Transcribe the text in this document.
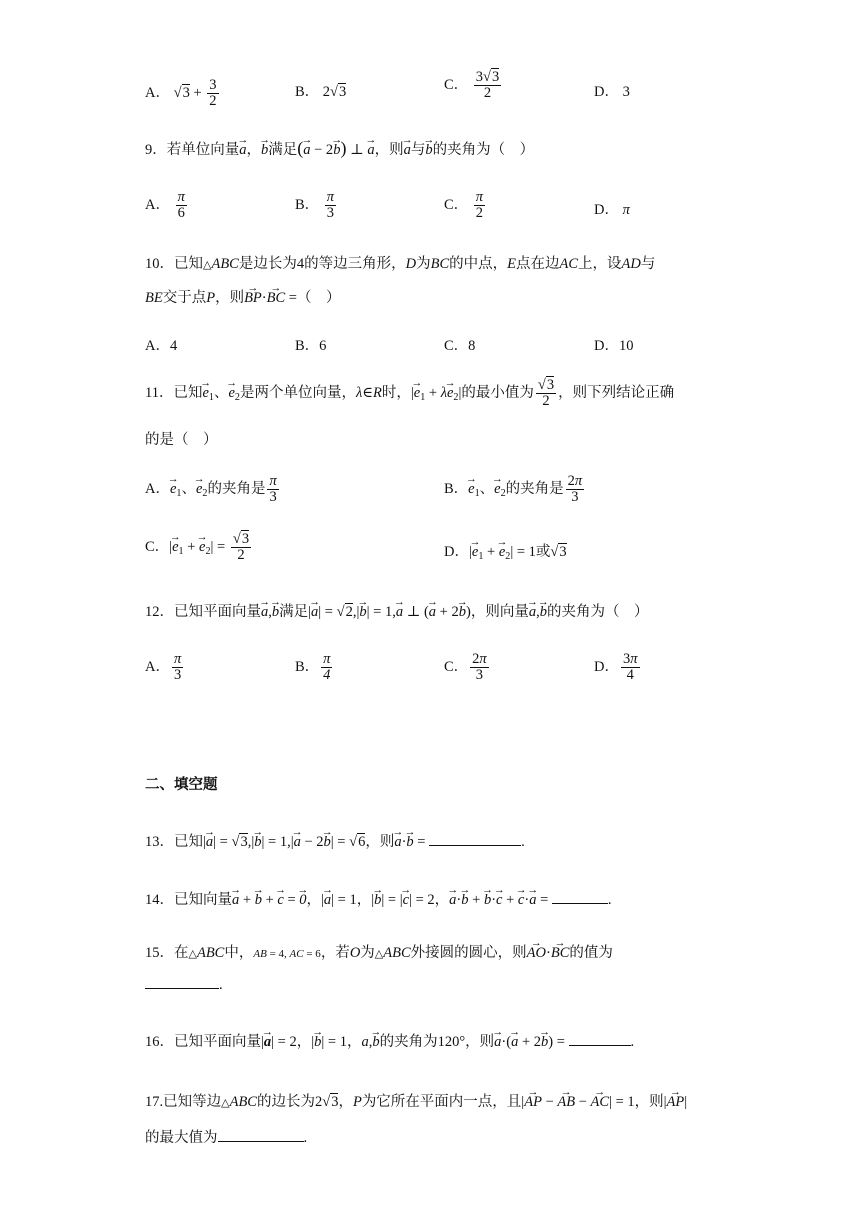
A． $√3 + \frac{3}{2}$	B． 2√3	C． $\frac{3√3}{2}$	D． 3
9．若单位向量→ a，→ b满足(→ a − 2→ b) ⊥ → a，则→ a与→ b的夹角为（　）
A． $\frac{\pi}{6}$	B． $\frac{\pi}{3}$	C． $\frac{\pi}{2}$	D． π
10．已知△ABC是边长为4的等边三角形，D为BC的中点，E点在边AC上，设AD与
BE交于点P，则→ BP·→ BC =（　）
A．4	B．6	C．8	D．10
11．已知→ $e_1$、→ $e_2$是两个单位向量，λ∈R时，|→ $e_1 + \lambda\to e_2|$的最小值为 $\frac{√3}{2}$ ，则下列结论正确
的是（　）
A．→ $e_1$、→ $e_2$的夹角是 $\frac{\pi}{3}$	B．→ $e_1$、→ $e_2$的夹角是 $\frac{2\pi}{3}$
C．|→ $e_1$ + → $e_2| = \frac{√3}{2}$	D．|→ $e_1$ + → $e_2| = 1$或√3
12．已知平面向量→ a,→ b满足|→ a| = √2,|→ b| = 1,→ a ⊥ (→ a + 2→ b)，则向量→ a,→ b的夹角为（　）
A． $\frac{\pi}{3}$	B． $\frac{\pi}{4}$	C． $\frac{2\pi}{3}$	D． $\frac{3\pi}{4}$
二、填空题
13．已知|→ a| = √3,|→ b| = 1,|→ a − 2→ b| = √6，则→ a·→ b =	.
14．已知向量→ a + → b + → c = → 0，|→ a| = 1，|→ b| = |→ c| = 2，→ a·→ b + → b·→ c + → c·→ a =	.
15．在△ABC中，AB = 4, AC = 6，若O为△ABC外接圆的圆心，则→ AO·→ BC的值为
.
16．已知平面向量|→ a| = 2，|→ b| = 1，a,→ b的夹角为120°，则→ a·(→ a + 2→ b) =	.
17.已知等边△ABC的边长为2√3，P为它所在平面内一点，且|→ AP − → AB − → AC| = 1，则|→ AP|
的最大值为	.
